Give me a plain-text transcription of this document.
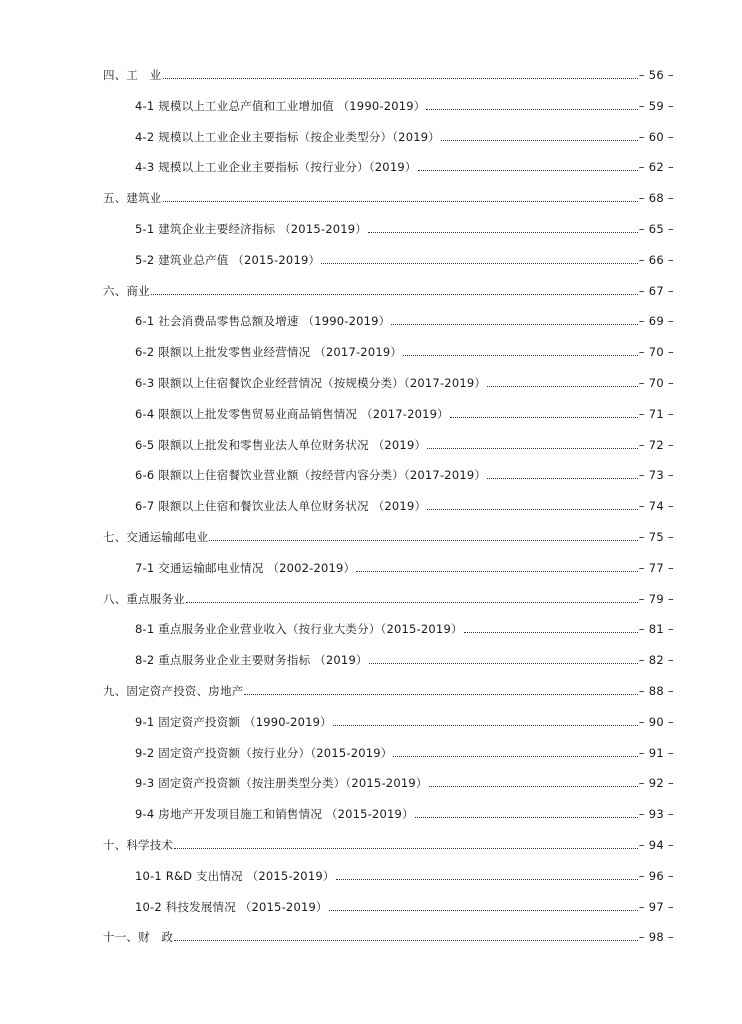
四、工　业	– 56 –
4-1 规模以上工业总产值和工业增加值 （1990-2019）	– 59 –
4-2 规模以上工业企业主要指标（按企业类型分）（2019）	– 60 –
4-3 规模以上工业企业主要指标（按行业分）（2019）	– 62 –
五、建筑业	– 68 –
5-1 建筑企业主要经济指标 （2015-2019）	– 65 –
5-2 建筑业总产值 （2015-2019）	– 66 –
六、商业	– 67 –
6-1 社会消费品零售总额及增速 （1990-2019）	– 69 –
6-2 限额以上批发零售业经营情况 （2017-2019）	– 70 –
6-3 限额以上住宿餐饮企业经营情况（按规模分类）（2017-2019）	– 70 –
6-4 限额以上批发零售贸易业商品销售情况 （2017-2019）	– 71 –
6-5 限额以上批发和零售业法人单位财务状况 （2019）	– 72 –
6-6 限额以上住宿餐饮业营业额（按经营内容分类）（2017-2019）	– 73 –
6-7 限额以上住宿和餐饮业法人单位财务状况 （2019）	– 74 –
七、交通运输邮电业	– 75 –
7-1 交通运输邮电业情况 （2002-2019）	– 77 –
八、重点服务业	– 79 –
8-1 重点服务业企业营业收入（按行业大类分）（2015-2019）	– 81 –
8-2 重点服务业企业主要财务指标 （2019）	– 82 –
九、固定资产投资、房地产	– 88 –
9-1 固定资产投资额 （1990-2019）	– 90 –
9-2 固定资产投资额（按行业分）（2015-2019）	– 91 –
9-3 固定资产投资额（按注册类型分类）（2015-2019）	– 92 –
9-4 房地产开发项目施工和销售情况 （2015-2019）	– 93 –
十、科学技术	– 94 –
10-1 R&D 支出情况 （2015-2019）	– 96 –
10-2 科技发展情况 （2015-2019）	– 97 –
十一、财　政	– 98 –
